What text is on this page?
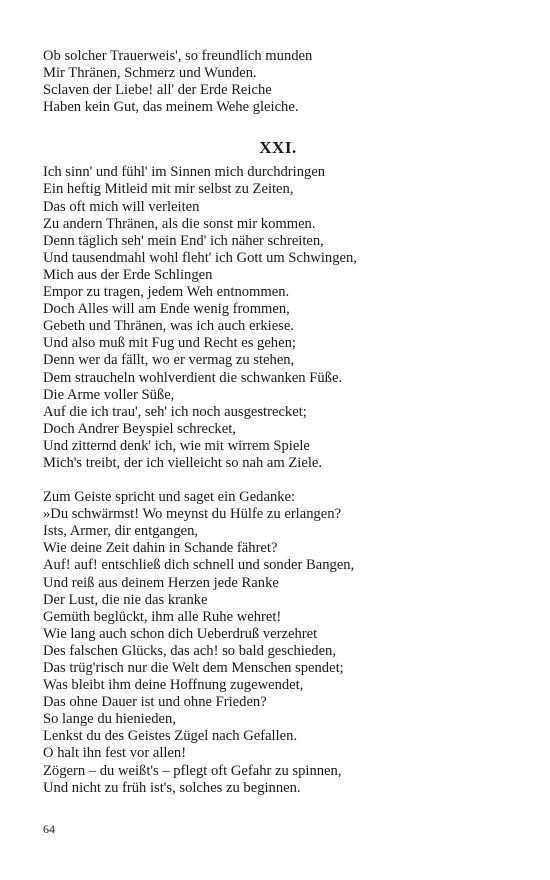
Ob solcher Trauerweis', so freundlich munden
Mir Thränen, Schmerz und Wunden.
Sclaven der Liebe! all' der Erde Reiche
Haben kein Gut, das meinem Wehe gleiche.
XXI.
Ich sinn' und fühl' im Sinnen mich durchdringen
Ein heftig Mitleid mit mir selbst zu Zeiten,
Das oft mich will verleiten
Zu andern Thränen, als die sonst mir kommen.
Denn täglich seh' mein End' ich näher schreiten,
Und tausendmahl wohl fleht' ich Gott um Schwingen,
Mich aus der Erde Schlingen
Empor zu tragen, jedem Weh entnommen.
Doch Alles will am Ende wenig frommen,
Gebeth und Thränen, was ich auch erkiese.
Und also muß mit Fug und Recht es gehen;
Denn wer da fällt, wo er vermag zu stehen,
Dem straucheln wohlverdient die schwanken Füße.
Die Arme voller Süße,
Auf die ich trau', seh' ich noch ausgestrecket;
Doch Andrer Beyspiel schrecket,
Und zitternd denk' ich, wie mit wirrem Spiele
Mich's treibt, der ich vielleicht so nah am Ziele.
Zum Geiste spricht und saget ein Gedanke:
»Du schwärmst! Wo meynst du Hülfe zu erlangen?
Ists, Armer, dir entgangen,
Wie deine Zeit dahin in Schande fähret?
Auf! auf! entschließ dich schnell und sonder Bangen,
Und reiß aus deinem Herzen jede Ranke
Der Lust, die nie das kranke
Gemüth beglückt, ihm alle Ruhe wehret!
Wie lang auch schon dich Ueberdruß verzehret
Des falschen Glücks, das ach! so bald geschieden,
Das trüg'risch nur die Welt dem Menschen spendet;
Was bleibt ihm deine Hoffnung zugewendet,
Das ohne Dauer ist und ohne Frieden?
So lange du hienieden,
Lenkst du des Geistes Zügel nach Gefallen.
O halt ihn fest vor allen!
Zögern – du weißt's – pflegt oft Gefahr zu spinnen,
Und nicht zu früh ist's, solches zu beginnen.
64
